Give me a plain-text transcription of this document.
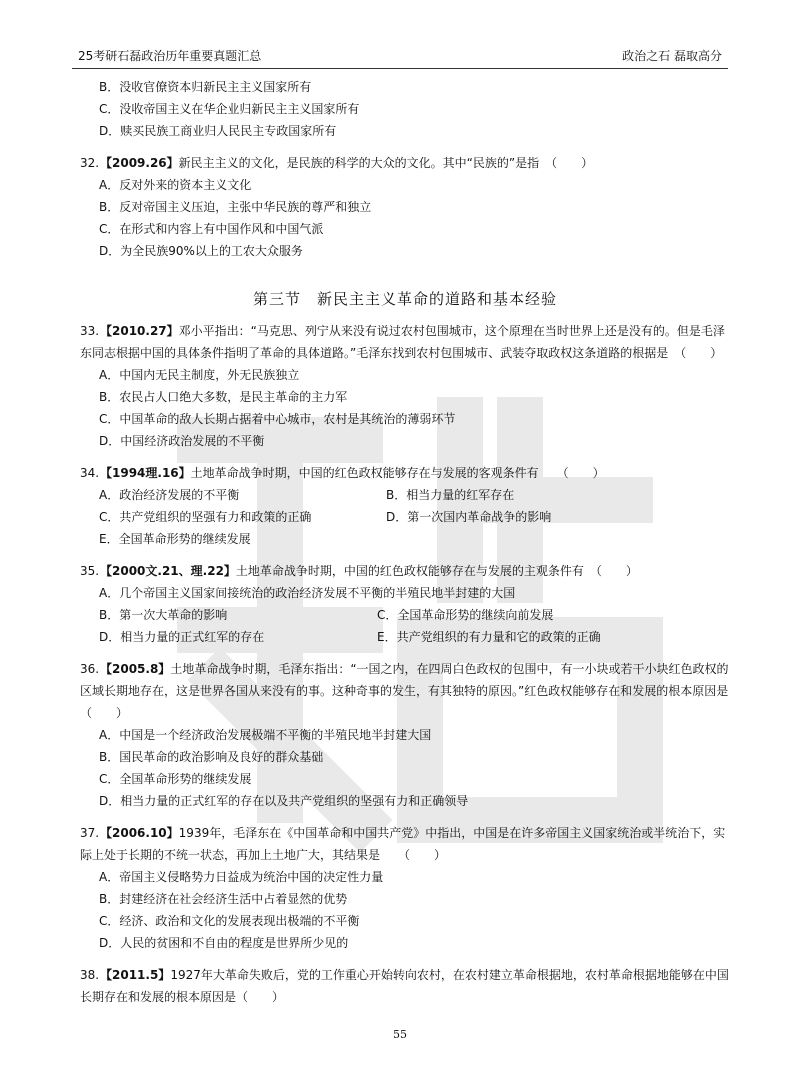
25考研石磊政治历年重要真题汇总	政治之石 磊取高分
B．没收官僚资本归新民主主义国家所有
C．没收帝国主义在华企业归新民主主义国家所有
D．赎买民族工商业归人民民主专政国家所有
32.【2009.26】新民主主义的文化，是民族的科学的大众的文化。其中“民族的”是指　（　　）
A．反对外来的资本主义文化
B．反对帝国主义压迫，主张中华民族的尊严和独立
C．在形式和内容上有中国作风和中国气派
D．为全民族90%以上的工农大众服务
第三节　新民主主义革命的道路和基本经验
33.【2010.27】邓小平指出：“马克思、列宁从来没有说过农村包围城市，这个原理在当时世界上还是没有的。但是毛泽东同志根据中国的具体条件指明了革命的具体道路。”毛泽东找到农村包围城市、武装夺取政权这条道路的根据是　（　　）
A．中国内无民主制度，外无民族独立
B．农民占人口绝大多数，是民主革命的主力军
C．中国革命的敌人长期占据着中心城市，农村是其统治的薄弱环节
D．中国经济政治发展的不平衡
34.【1994理.16】土地革命战争时期，中国的红色政权能够存在与发展的客观条件有　　（　　）
A．政治经济发展的不平衡	B．相当力量的红军存在
C．共产党组织的坚强有力和政策的正确	D．第一次国内革命战争的影响
E．全国革命形势的继续发展
35.【2000文.21、理.22】土地革命战争时期，中国的红色政权能够存在与发展的主观条件有　（　　）
A．几个帝国主义国家间接统治的政治经济发展不平衡的半殖民地半封建的大国
B．第一次大革命的影响	C．全国革命形势的继续向前发展
D．相当力量的正式红军的存在	E．共产党组织的有力量和它的政策的正确
36.【2005.8】土地革命战争时期，毛泽东指出：“一国之内，在四周白色政权的包围中，有一小块或若干小块红色政权的区域长期地存在，这是世界各国从来没有的事。这种奇事的发生，有其独特的原因。”红色政权能够存在和发展的根本原因是　　（　　）
A．中国是一个经济政治发展极端不平衡的半殖民地半封建大国
B．国民革命的政治影响及良好的群众基础
C．全国革命形势的继续发展
D．相当力量的正式红军的存在以及共产党组织的坚强有力和正确领导
37.【2006.10】1939年，毛泽东在《中国革命和中国共产党》中指出，中国是在许多帝国主义国家统治或半统治下，实际上处于长期的不统一状态，再加上土地广大，其结果是　　（　　）
A．帝国主义侵略势力日益成为统治中国的决定性力量
B．封建经济在社会经济生活中占着显然的优势
C．经济、政治和文化的发展表现出极端的不平衡
D．人民的贫困和不自由的程度是世界所少见的
38.【2011.5】1927年大革命失败后，党的工作重心开始转向农村，在农村建立革命根据地，农村革命根据地能够在中国长期存在和发展的根本原因是（　　）
55
